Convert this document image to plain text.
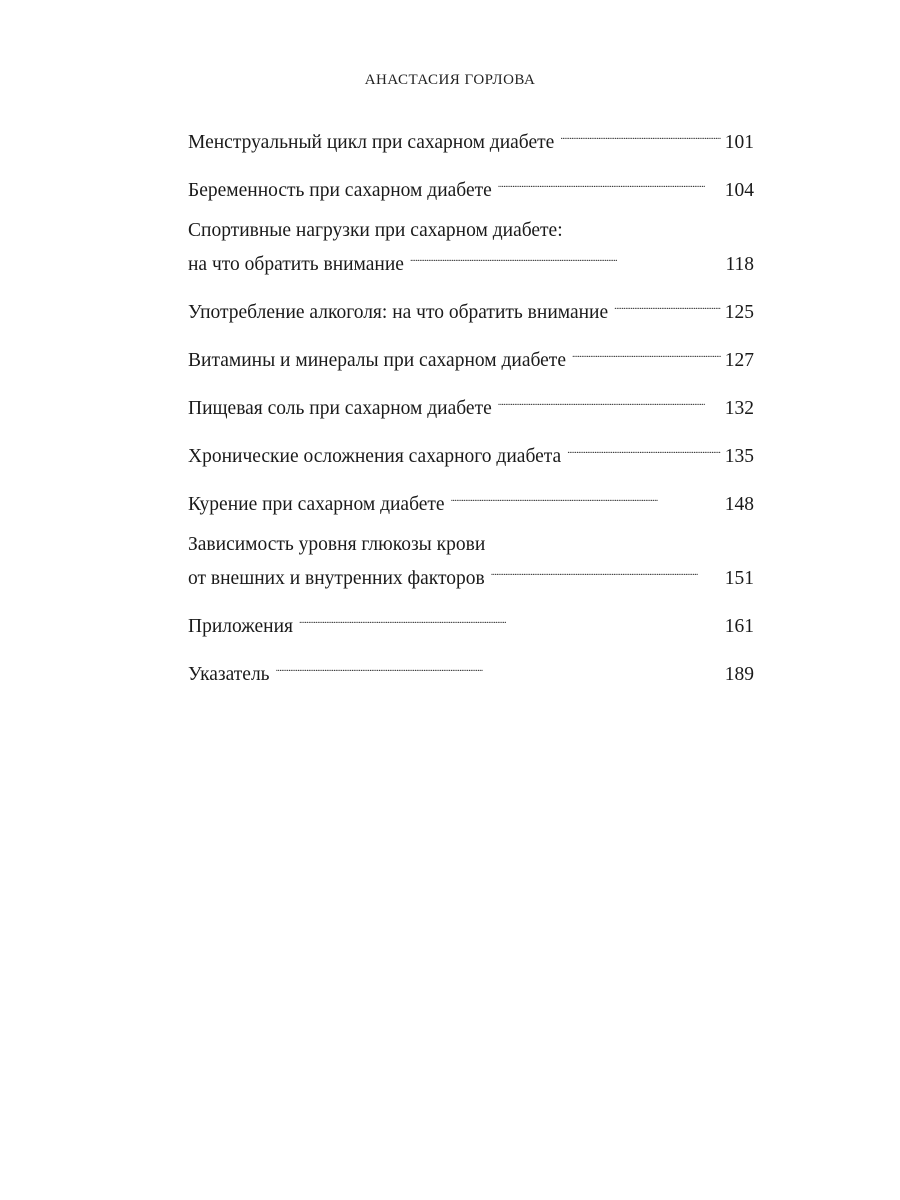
АНАСТАСИЯ ГОРЛОВА
Менструальный цикл при сахарном диабете . . .	101
Беременность при сахарном диабете . . .	104
Спортивные нагрузки при сахарном диабете:
на что обратить внимание . . .	118
Употребление алкоголя: на что обратить внимание . . .	125
Витамины и минералы при сахарном диабете . . .	127
Пищевая соль при сахарном диабете . . .	132
Хронические осложнения сахарного диабета . . .	135
Курение при сахарном диабете . . .	148
Зависимость уровня глюкозы крови
от внешних и внутренних факторов . . .	151
Приложения . . .	161
Указатель . . .	189
